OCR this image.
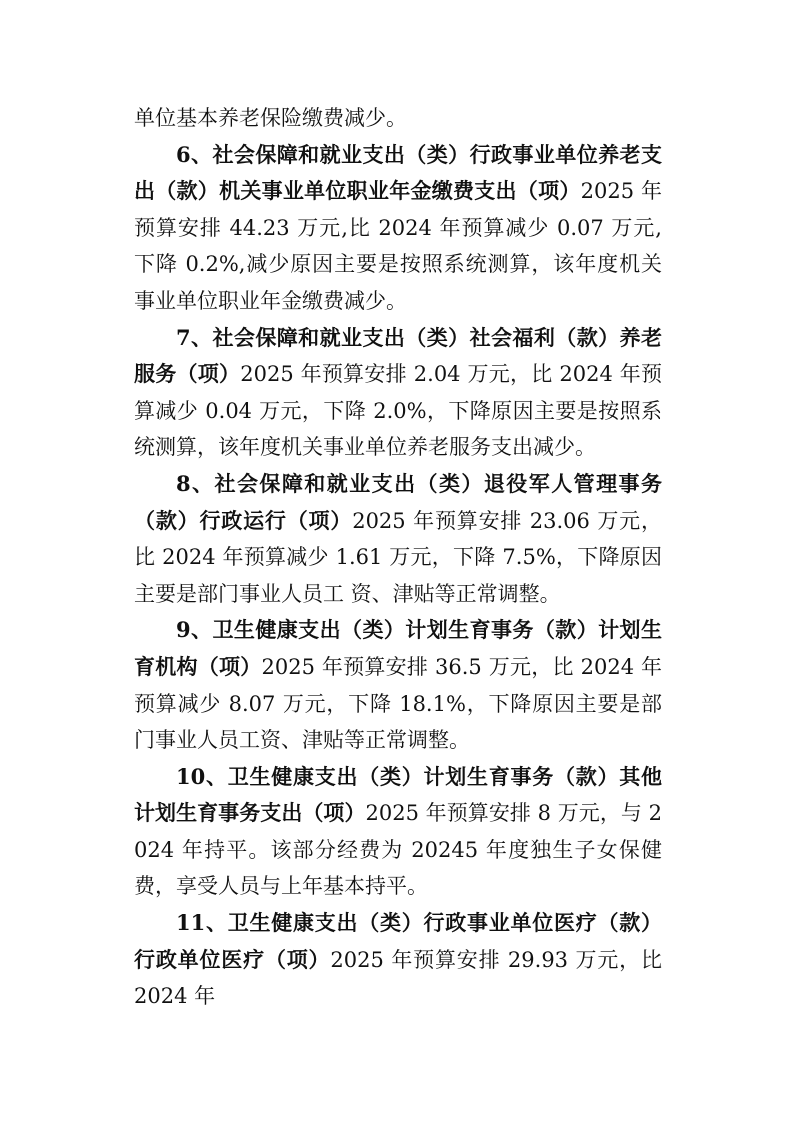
单位基本养老保险缴费减少。

6、社会保障和就业支出（类）行政事业单位养老支出（款）机关事业单位职业年金缴费支出（项）2025 年预算安排 44.23 万元,比 2024 年预算减少 0.07 万元,下降 0.2%,减少原因主要是按照系统测算，该年度机关事业单位职业年金缴费减少。

7、社会保障和就业支出（类）社会福利（款）养老服务（项）2025 年预算安排 2.04 万元，比 2024 年预算减少 0.04 万元，下降 2.0%，下降原因主要是按照系统测算，该年度机关事业单位养老服务支出减少。

8、社会保障和就业支出（类）退役军人管理事务（款）行政运行（项）2025 年预算安排 23.06 万元，比 2024 年预算减少 1.61 万元，下降 7.5%，下降原因主要是部门事业人员工 资、津贴等正常调整。

9、卫生健康支出（类）计划生育事务（款）计划生育机构（项）2025 年预算安排 36.5 万元，比 2024 年预算减少 8.07 万元，下降 18.1%，下降原因主要是部门事业人员工资、津贴等正常调整。

10、卫生健康支出（类）计划生育事务（款）其他计划生育事务支出（项）2025 年预算安排 8 万元，与 2024 年持平。该部分经费为 20245 年度独生子女保健费，享受人员与上年基本持平。

11、卫生健康支出（类）行政事业单位医疗（款）行政单位医疗（项）2025 年预算安排 29.93 万元，比 2024 年
